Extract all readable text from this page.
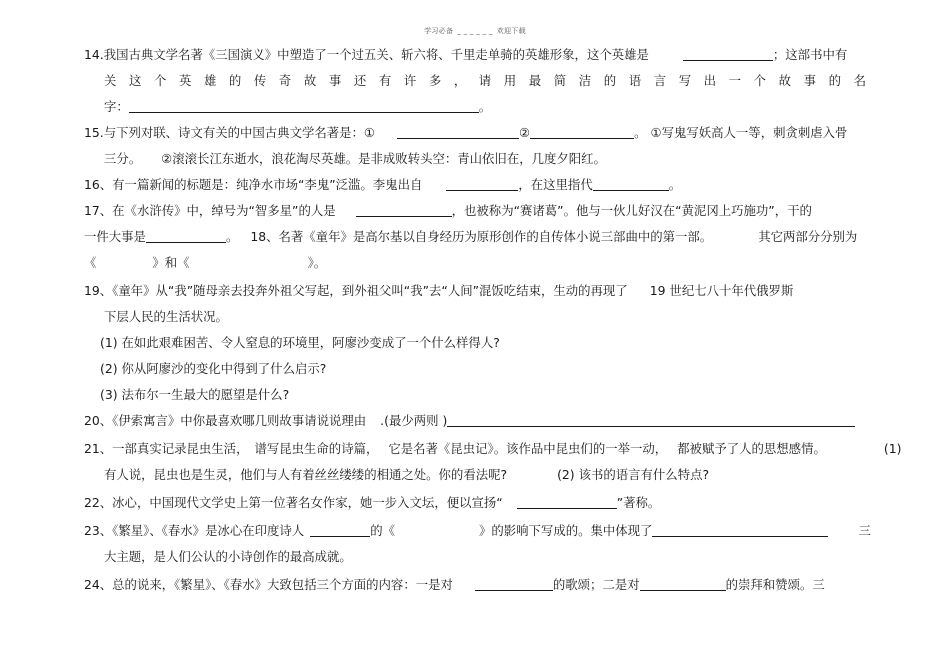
学习必备 _ _ _ _ _ _ 欢迎下载
14.我国古典文学名著《三国演义》中塑造了一个过五关、斩六将、千里走单骑的英雄形象，这个英雄是	；这部书中有
关这个英雄的传奇故事还有许多，请用最简洁的语言写出一个故事的名
字：	。
15.与下列对联、诗文有关的中国古典文学名著是：①	②	。 ①写鬼写妖高人一等，刺贪刺虐入骨
三分。 ②滚滚长江东逝水，浪花淘尽英雄。是非成败转头空：青山依旧在，几度夕阳红。
16、有一篇新闻的标题是：纯净水市场“李鬼”泛滥。李鬼出自	，在这里指代	。
17、在《水浒传》中，绰号为“智多星”的人是	，也被称为“赛诸葛”。他与一伙儿好汉在“黄泥冈上巧施功”，干的
一件大事是	。 18、名著《童年》是高尔基以自身经历为原形创作的自传体小说三部曲中的第一部。	其它两部分分别为
《	》和《	》。
19、《童年》从“我”随母亲去投奔外祖父写起，到外祖父叫“我”去“人间”混饭吃结束，生动的再现了 19 世纪七八十年代俄罗斯
下层人民的生活状况。
(1) 在如此艰难困苦、令人窒息的环境里，阿廖沙变成了一个什么样得人?
(2) 你从阿廖沙的变化中得到了什么启示?
(3) 法布尔一生最大的愿望是什么?
20、《伊索寓言》中你最喜欢哪几则故事请说说理由 .(最少两则 )
21、一部真实记录昆虫生活， 谱写昆虫生命的诗篇， 它是名著《昆虫记》。该作品中昆虫们的一举一动， 都被赋予了人的思想感情。	(1)
有人说，昆虫也是生灵，他们与人有着丝丝缕缕的相通之处。你的看法呢?	(2) 该书的语言有什么特点?
22、冰心，中国现代文学史上第一位著名女作家，她一步入文坛，便以宣扬“	”著称。
23、《繁星》、《春水》是冰心在印度诗人	的《	》的影响下写成的。集中体现了	三
大主题，是人们公认的小诗创作的最高成就。
24、总的说来，《繁星》、《春水》大致包括三个方面的内容：一是对	的歌颂；二是对	的崇拜和赞颂。三
